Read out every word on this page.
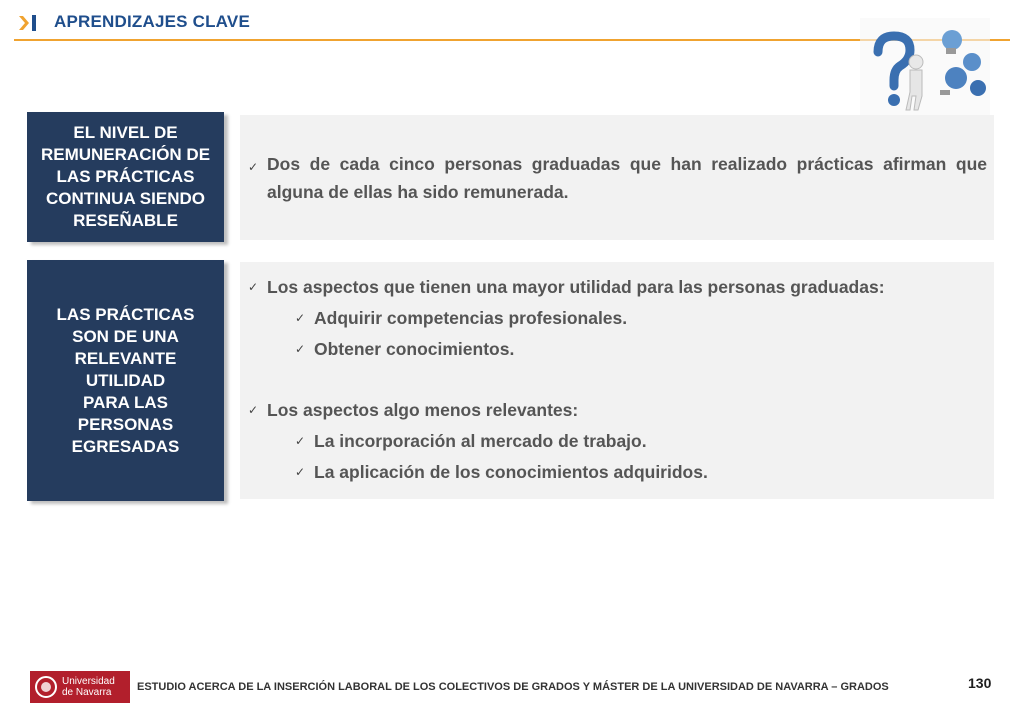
APRENDIZAJES CLAVE
EL NIVEL DE
REMUNERACIÓN DE
LAS PRÁCTICAS
CONTINUA SIENDO
RESEÑABLE
✓ Dos de cada cinco personas graduadas que han realizado prácticas afirman que alguna de ellas ha sido remunerada.
LAS PRÁCTICAS
SON DE UNA
RELEVANTE UTILIDAD
PARA LAS
PERSONAS
EGRESADAS
✓ Los aspectos que tienen una mayor utilidad para las personas graduadas:
✓ Adquirir competencias profesionales.
✓ Obtener conocimientos.
✓ Los aspectos algo menos relevantes:
✓ La incorporación al mercado de trabajo.
✓ La aplicación de los conocimientos adquiridos.
Universidad
de Navarra	ESTUDIO ACERCA DE LA INSERCIÓN LABORAL DE LOS COLECTIVOS DE GRADOS Y MÁSTER DE LA UNIVERSIDAD DE NAVARRA – GRADOS	130
